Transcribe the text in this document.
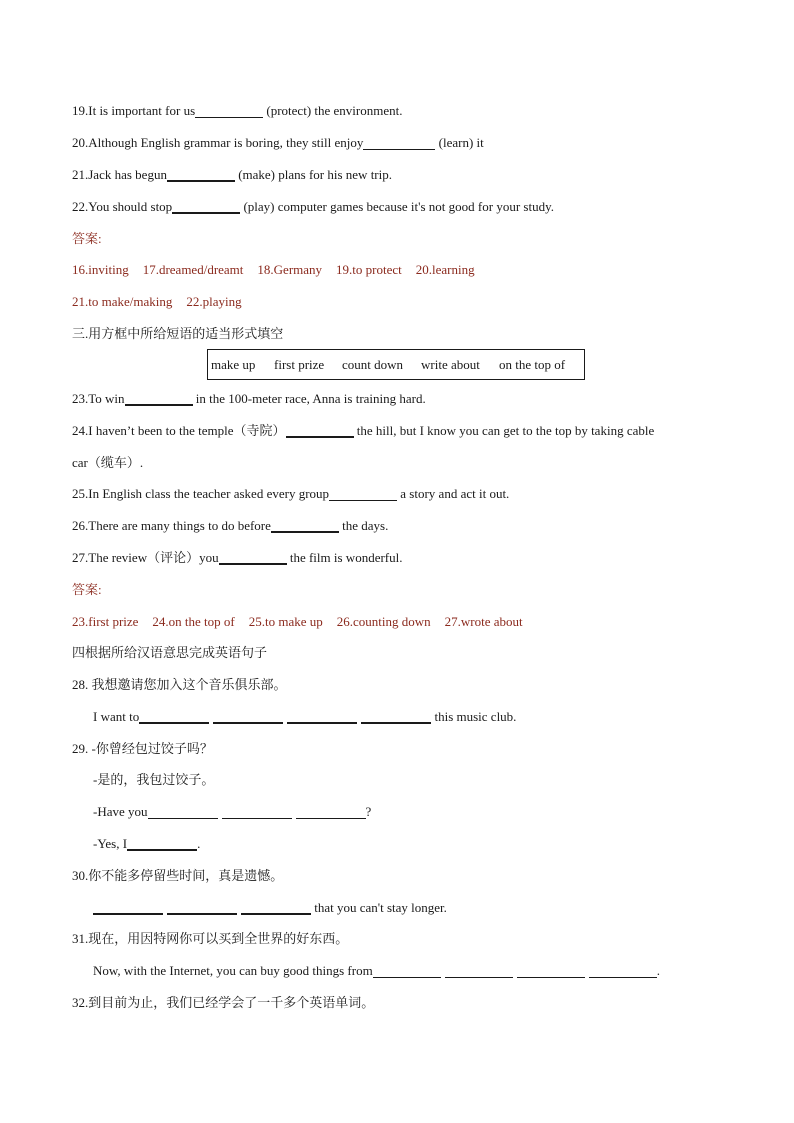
19.It is important for us	(protect) the environment.
20.Although English grammar is boring, they still enjoy	(learn) it
21.Jack has begun	(make) plans for his new trip.
22.You should stop	(play) computer games because it's not good for your study.
答案:
16.inviting 17.dreamed/dreamt 18.Germany 19.to protect 20.learning
21.to make/making 22.playing
三.用方框中所给短语的适当形式填空
make up first prize count down write about on the top of
23.To win	in the 100-meter race, Anna is training hard.
24.I haven’t been to the temple（寺院）	the hill, but I know you can get to the top by taking cable
car（缆车）.
25.In English class the teacher asked every group	a story and act it out.
26.There are many things to do before	the days.
27.The review（评论）you	the film is wonderful.
答案:
23.first prize 24.on the top of 25.to make up 26.counting down 27.wrote about
四根据所给汉语意思完成英语句子
28. 我想邀请您加入这个音乐俱乐部。
I want to	this music club.
29. -你曾经包过饺子吗？
-是的，我包过饺子。
-Have you	?
-Yes, I	.
30.你不能多停留些时间，真是遗憾。
that you can't stay longer.
31.现在，用因特网你可以买到全世界的好东西。
Now, with the Internet, you can buy good things from	.
32.到目前为止，我们已经学会了一千多个英语单词。
